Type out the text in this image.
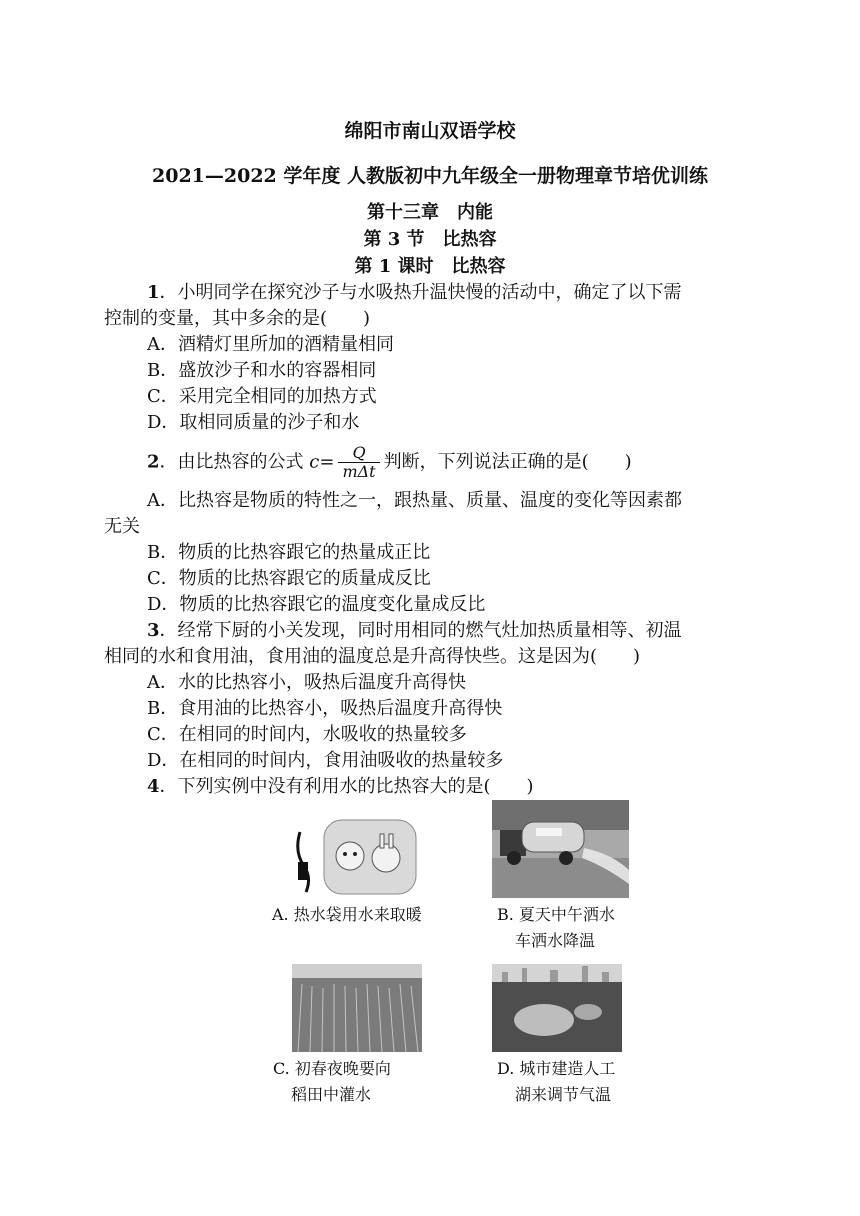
绵阳市南山双语学校
2021—2022 学年度 人教版初中九年级全一册物理章节培优训练
第十三章　内能
第 3 节　比热容
第 1 课时　比热容
1．小明同学在探究沙子与水吸热升温快慢的活动中，确定了以下需
控制的变量，其中多余的是(　　)
A．酒精灯里所加的酒精量相同
B．盛放沙子和水的容器相同
C．采用完全相同的加热方式
D．取相同质量的沙子和水
2．由比热容的公式 $c= \frac{Q}{\text{mΔt}}$ 判断，下列说法正确的是(　　)
A．比热容是物质的特性之一，跟热量、质量、温度的变化等因素都
无关
B．物质的比热容跟它的热量成正比
C．物质的比热容跟它的质量成反比
D．物质的比热容跟它的温度变化量成反比
3．经常下厨的小关发现，同时用相同的燃气灶加热质量相等、初温
相同的水和食用油，食用油的温度总是升高得快些。这是因为(　　)
A．水的比热容小，吸热后温度升高得快
B．食用油的比热容小，吸热后温度升高得快
C．在相同的时间内，水吸收的热量较多
D．在相同的时间内，食用油吸收的热量较多
4．下列实例中没有利用水的比热容大的是(　　)
A. 热水袋用水来取暖	B. 夏天中午洒水
车洒水降温
C. 初春夜晚要向
稻田中灌水
D. 城市建造人工
湖来调节气温
